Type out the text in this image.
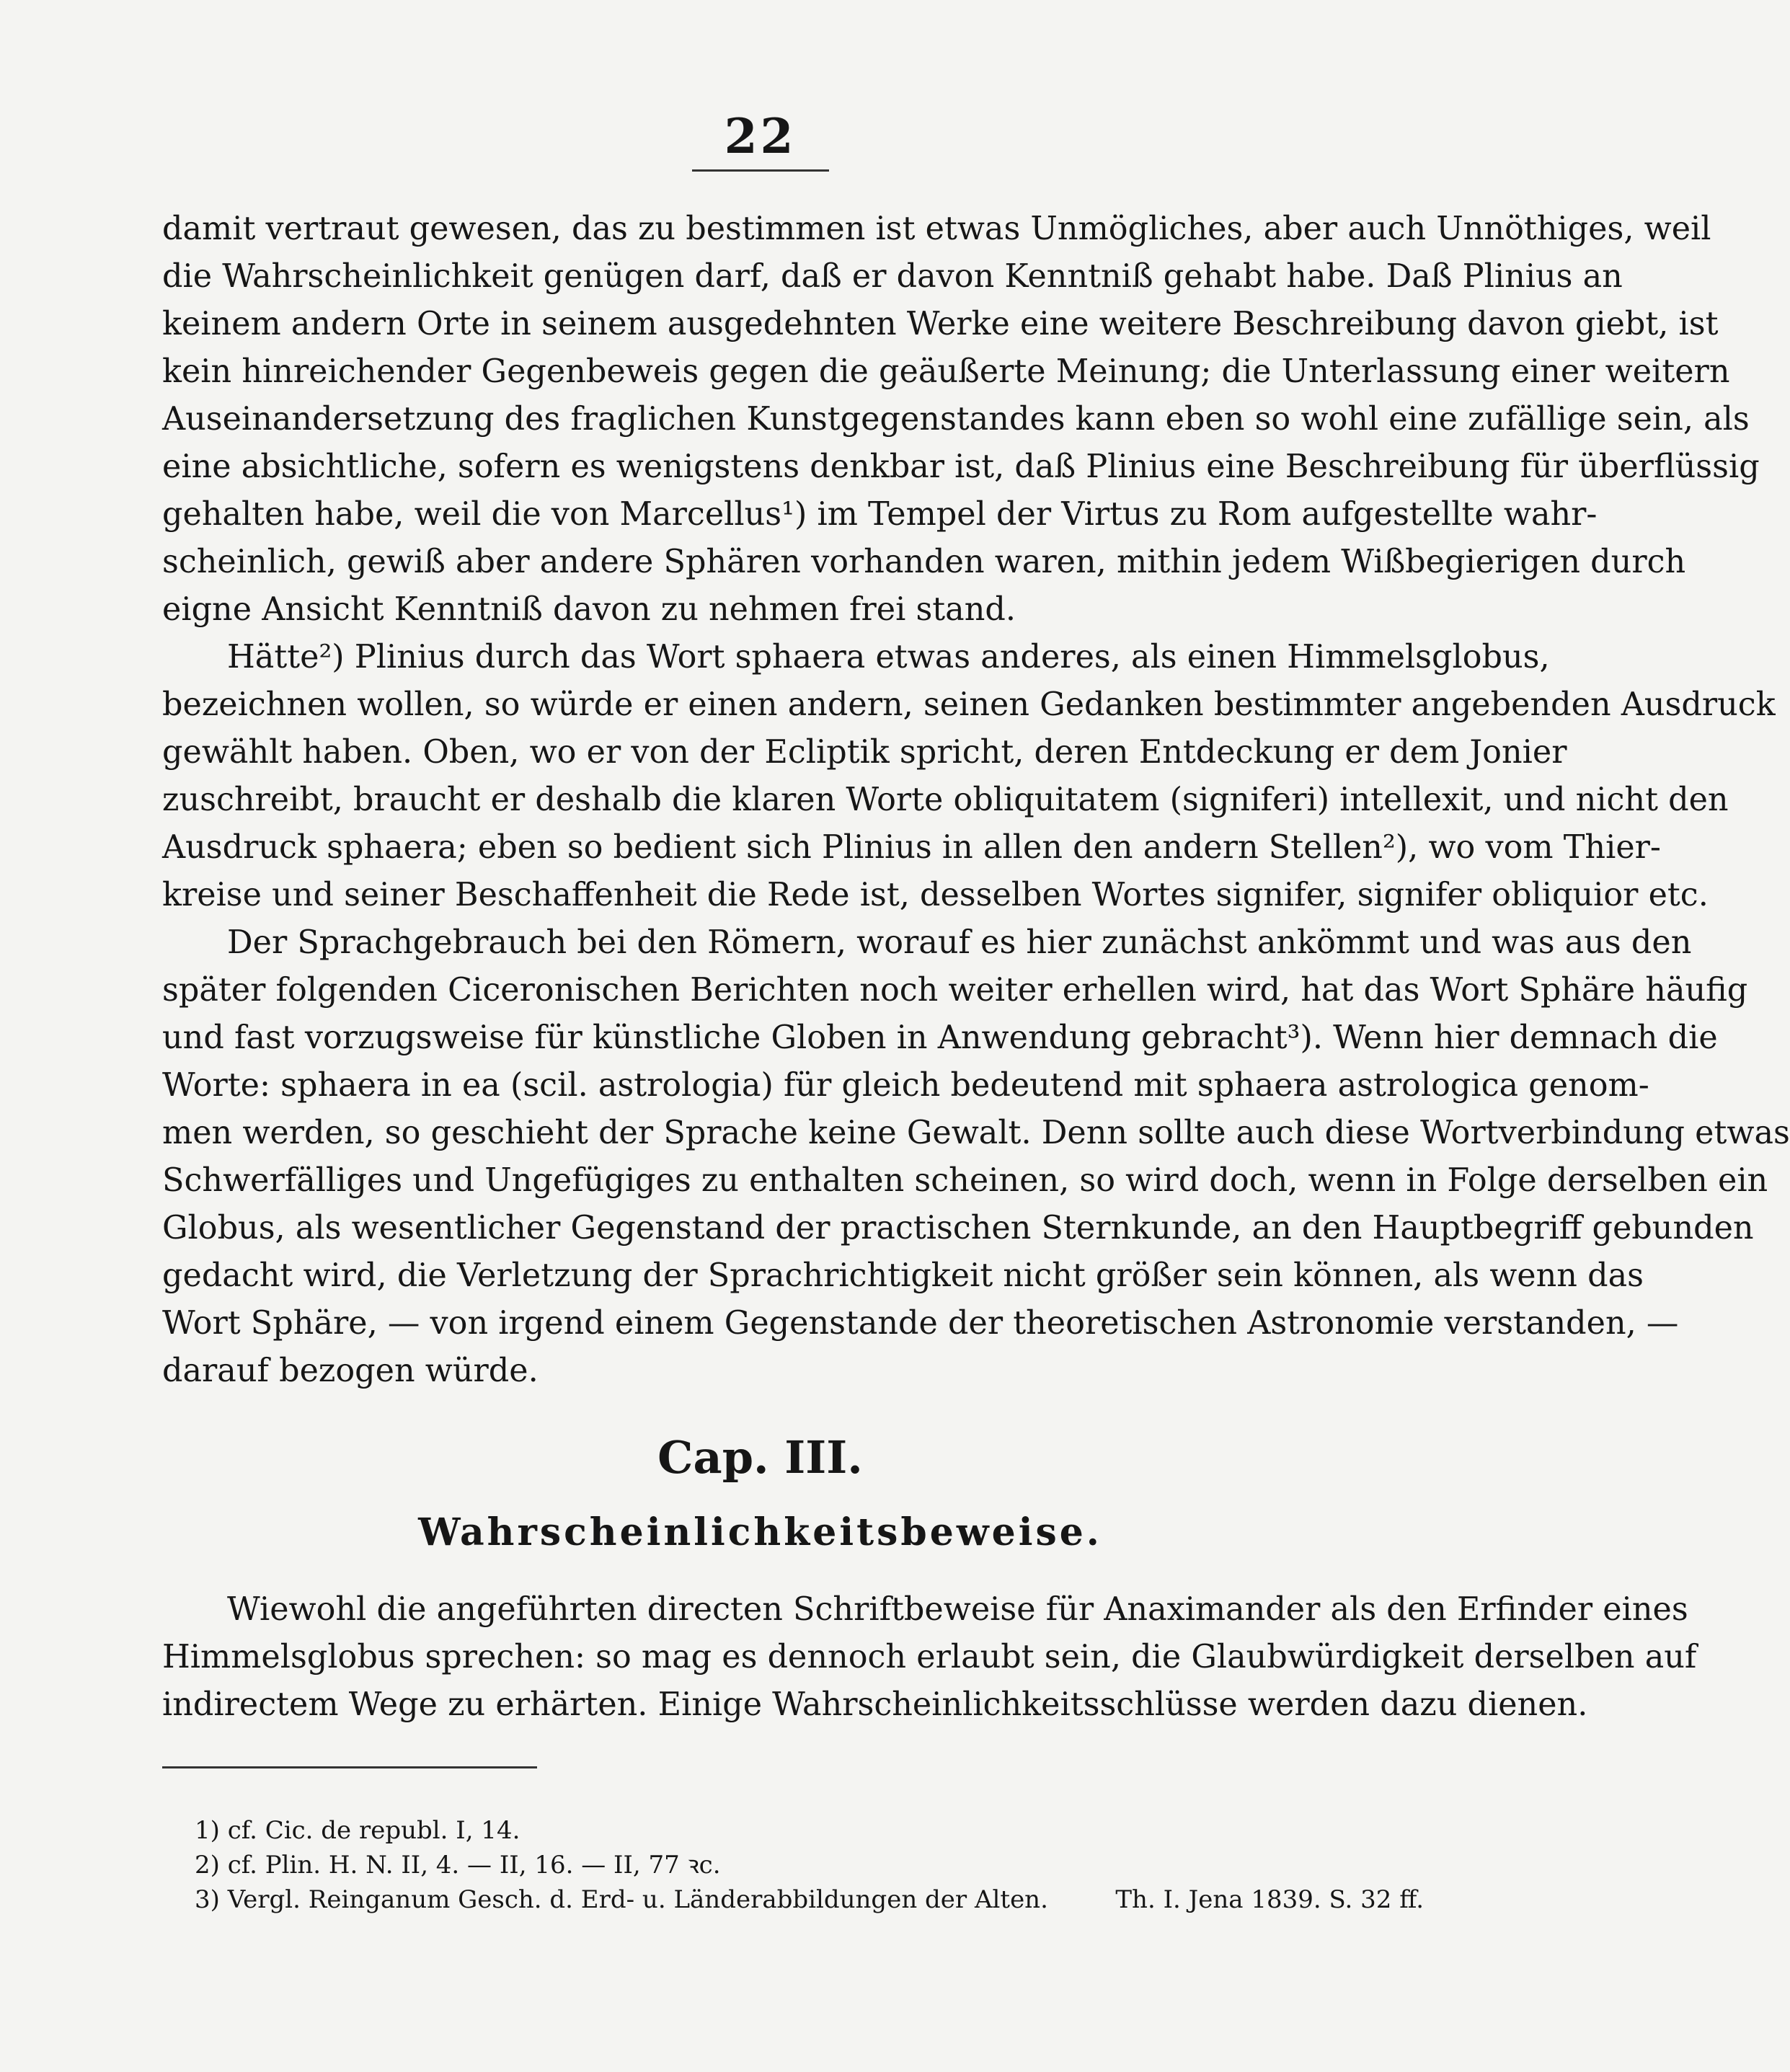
22
damit vertraut gewesen, das zu bestimmen ist etwas Unmögliches, aber auch Unnöthiges, weil
die Wahrscheinlichkeit genügen darf, daß er davon Kenntniß gehabt habe. Daß Plinius an
keinem andern Orte in seinem ausgedehnten Werke eine weitere Beschreibung davon giebt, ist
kein hinreichender Gegenbeweis gegen die geäußerte Meinung; die Unterlassung einer weitern
Auseinandersetzung des fraglichen Kunstgegenstandes kann eben so wohl eine zufällige sein, als
eine absichtliche, sofern es wenigstens denkbar ist, daß Plinius eine Beschreibung für überflüssig
gehalten habe, weil die von Marcellus¹) im Tempel der Virtus zu Rom aufgestellte wahr-
scheinlich, gewiß aber andere Sphären vorhanden waren, mithin jedem Wißbegierigen durch
eigne Ansicht Kenntniß davon zu nehmen frei stand.
Hätte²) Plinius durch das Wort sphaera etwas anderes, als einen Himmelsglobus,
bezeichnen wollen, so würde er einen andern, seinen Gedanken bestimmter angebenden Ausdruck
gewählt haben. Oben, wo er von der Ecliptik spricht, deren Entdeckung er dem Jonier
zuschreibt, braucht er deshalb die klaren Worte obliquitatem (signiferi) intellexit, und nicht den
Ausdruck sphaera; eben so bedient sich Plinius in allen den andern Stellen²), wo vom Thier-
kreise und seiner Beschaffenheit die Rede ist, desselben Wortes signifer, signifer obliquior etc.
Der Sprachgebrauch bei den Römern, worauf es hier zunächst ankömmt und was aus den
später folgenden Ciceronischen Berichten noch weiter erhellen wird, hat das Wort Sphäre häufig
und fast vorzugsweise für künstliche Globen in Anwendung gebracht³). Wenn hier demnach die
Worte: sphaera in ea (scil. astrologia) für gleich bedeutend mit sphaera astrologica genom-
men werden, so geschieht der Sprache keine Gewalt. Denn sollte auch diese Wortverbindung etwas
Schwerfälliges und Ungefügiges zu enthalten scheinen, so wird doch, wenn in Folge derselben ein
Globus, als wesentlicher Gegenstand der practischen Sternkunde, an den Hauptbegriff gebunden
gedacht wird, die Verletzung der Sprachrichtigkeit nicht größer sein können, als wenn das
Wort Sphäre, — von irgend einem Gegenstande der theoretischen Astronomie verstanden, —
darauf bezogen würde.
Cap. III.
Wahrscheinlichkeitsbeweise.
Wiewohl die angeführten directen Schriftbeweise für Anaximander als den Erfinder eines
Himmelsglobus sprechen: so mag es dennoch erlaubt sein, die Glaubwürdigkeit derselben auf
indirectem Wege zu erhärten. Einige Wahrscheinlichkeitsschlüsse werden dazu dienen.
1) cf. Cic. de republ. I, 14.
2) cf. Plin. H. N. II, 4. — II, 16. — II, 77 ꝛc.
3) Vergl. Reinganum Gesch. d. Erd- u. Länderabbildungen der Alten.	Th. I. Jena 1839. S. 32 ff.
